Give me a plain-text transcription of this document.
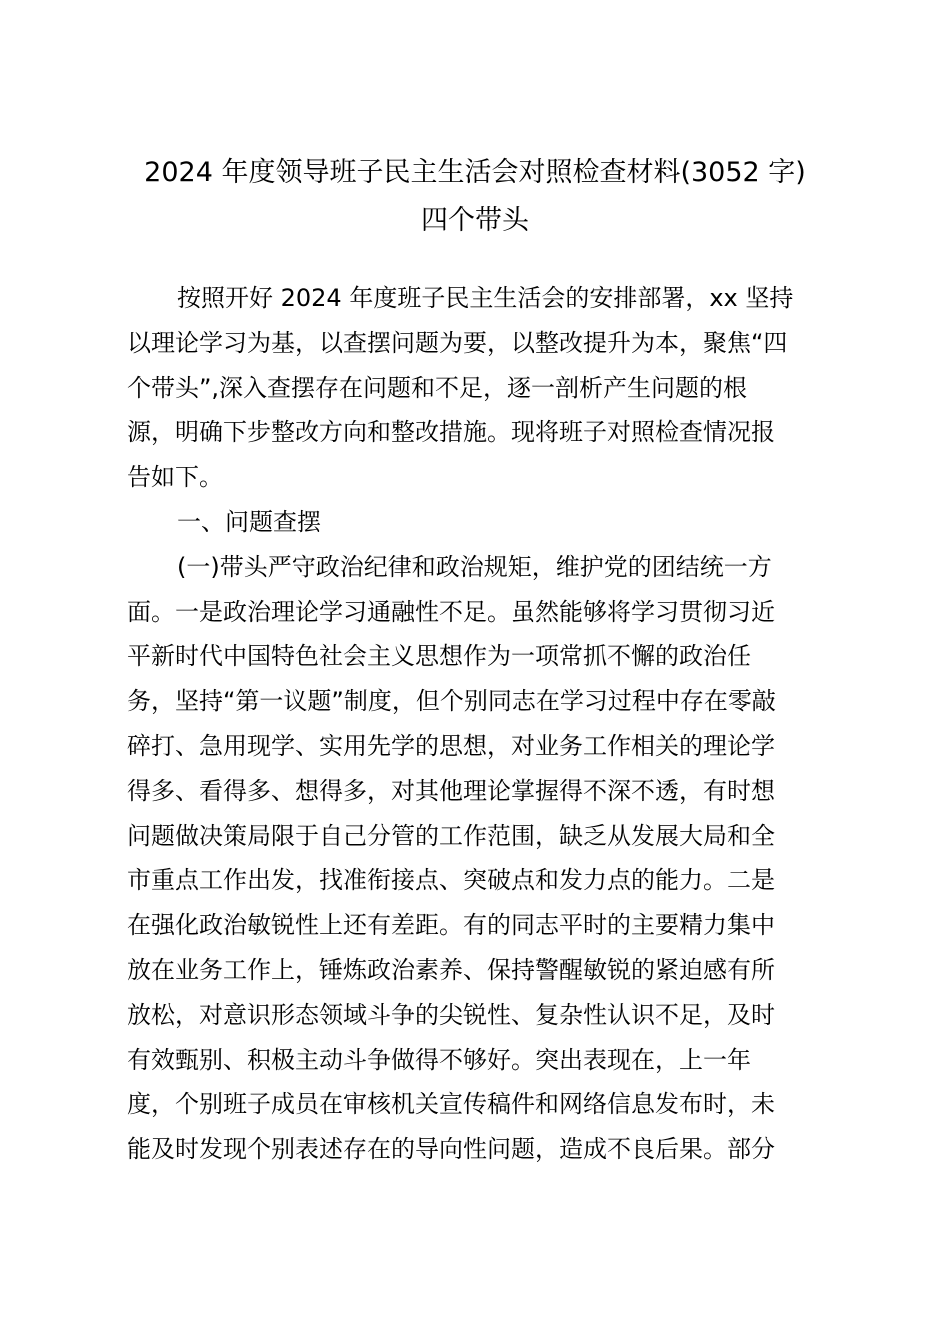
2024 年度领导班子民主生活会对照检查材料(3052 字)
四个带头

按照开好 2024 年度班子民主生活会的安排部署，xx 坚持

以理论学习为基，以查摆问题为要，以整改提升为本，聚焦“四

个带头”,深入查摆存在问题和不足，逐一剖析产生问题的根

源，明确下步整改方向和整改措施。现将班子对照检查情况报

告如下。

一、问题查摆

(一)带头严守政治纪律和政治规矩，维护党的团结统一方

面。一是政治理论学习通融性不足。虽然能够将学习贯彻习近

平新时代中国特色社会主义思想作为一项常抓不懈的政治任

务，坚持“第一议题”制度，但个别同志在学习过程中存在零敲

碎打、急用现学、实用先学的思想，对业务工作相关的理论学

得多、看得多、想得多，对其他理论掌握得不深不透，有时想

问题做决策局限于自己分管的工作范围，缺乏从发展大局和全

市重点工作出发，找准衔接点、突破点和发力点的能力。二是

在强化政治敏锐性上还有差距。有的同志平时的主要精力集中

放在业务工作上，锤炼政治素养、保持警醒敏锐的紧迫感有所

放松，对意识形态领域斗争的尖锐性、复杂性认识不足，及时

有效甄别、积极主动斗争做得不够好。突出表现在，上一年

度，个别班子成员在审核机关宣传稿件和网络信息发布时，未

能及时发现个别表述存在的导向性问题，造成不良后果。部分
